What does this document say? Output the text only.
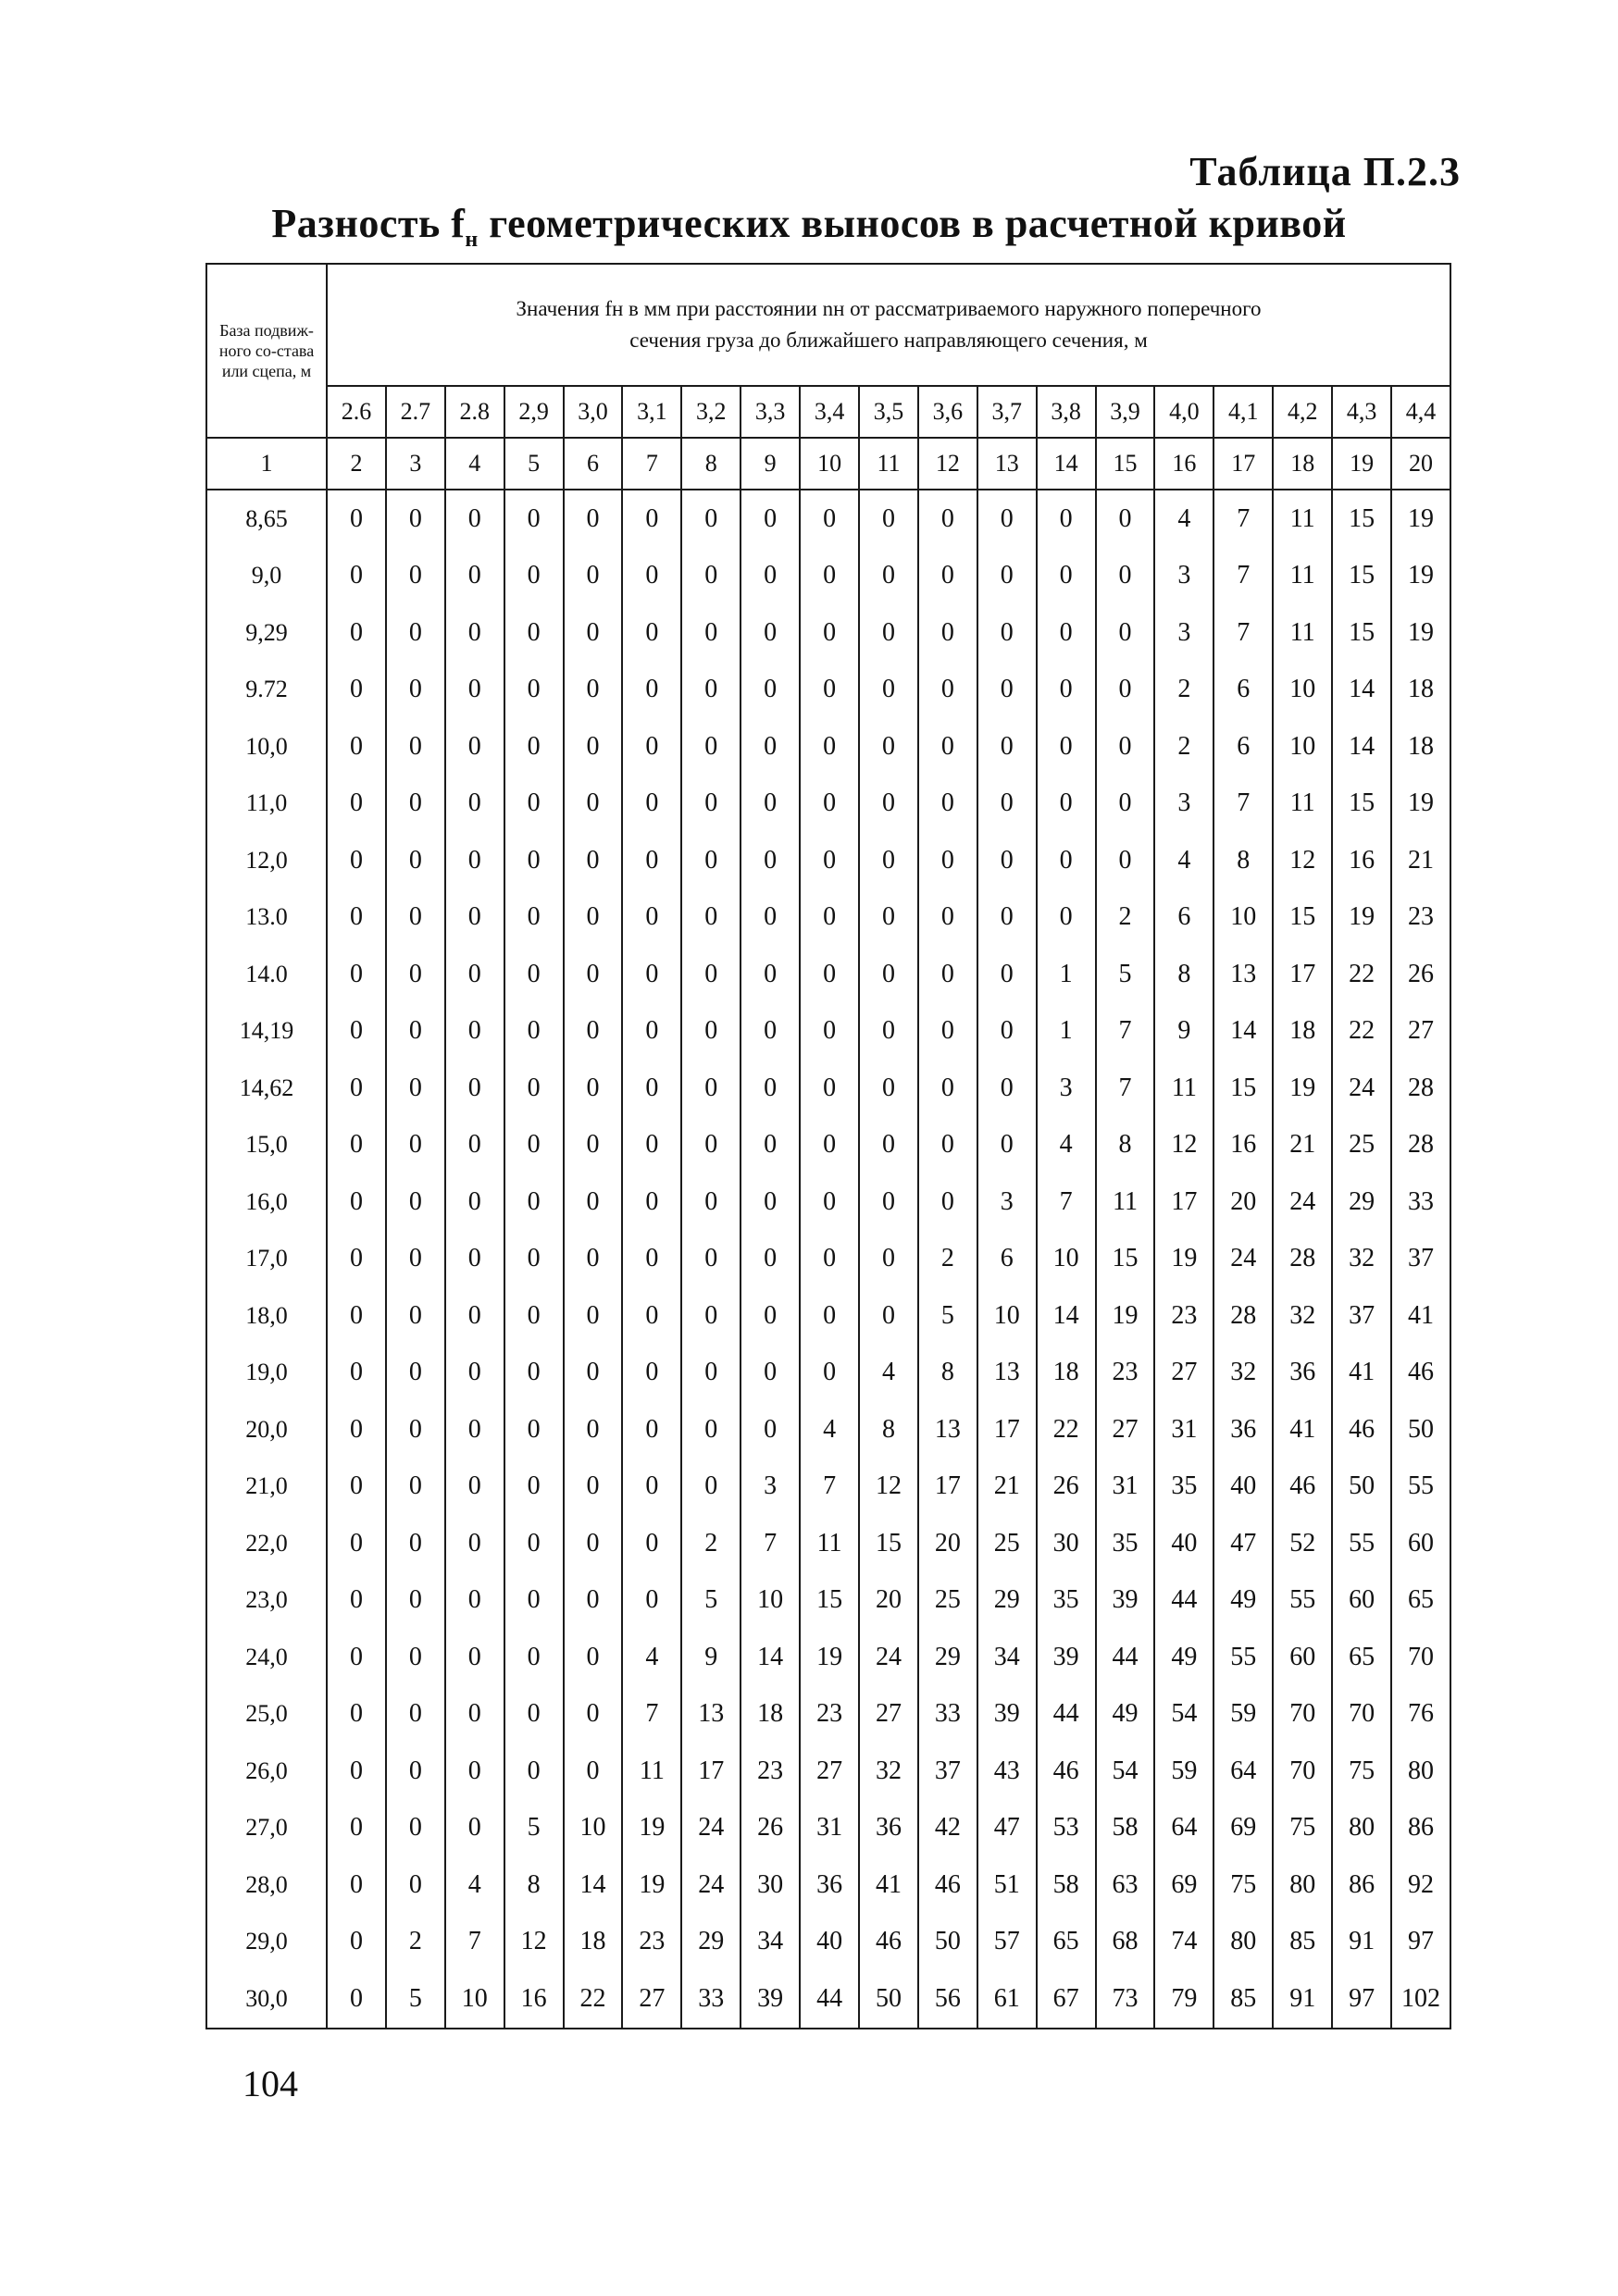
Таблица П.2.3
Разность $f_н$ геометрических выносов в расчетной кривой
База подвиж-ного со-става или сцепа, м	Значения fн в мм при расстоянии nн от рассматриваемого наружного поперечного
сечения груза до ближайшего направляющего сечения, м																		

	2.6	2.7	2.8	2,9	3,0	3,1	3,2	3,3	3,4	3,5	3,6	3,7	3,8	3,9	4,0	4,1	4,2	4,3	4,4
1	2	3	4	5	6	7	8	9	10	11	12	13	14	15	16	17	18	19	20
8,65	0	0	0	0	0	0	0	0	0	0	0	0	0	0	4	7	11	15	19
9,0	0	0	0	0	0	0	0	0	0	0	0	0	0	0	3	7	11	15	19
9,29	0	0	0	0	0	0	0	0	0	0	0	0	0	0	3	7	11	15	19
9.72	0	0	0	0	0	0	0	0	0	0	0	0	0	0	2	6	10	14	18
10,0	0	0	0	0	0	0	0	0	0	0	0	0	0	0	2	6	10	14	18
11,0	0	0	0	0	0	0	0	0	0	0	0	0	0	0	3	7	11	15	19
12,0	0	0	0	0	0	0	0	0	0	0	0	0	0	0	4	8	12	16	21
13.0	0	0	0	0	0	0	0	0	0	0	0	0	0	2	6	10	15	19	23
14.0	0	0	0	0	0	0	0	0	0	0	0	0	1	5	8	13	17	22	26
14,19	0	0	0	0	0	0	0	0	0	0	0	0	1	7	9	14	18	22	27
14,62	0	0	0	0	0	0	0	0	0	0	0	0	3	7	11	15	19	24	28
15,0	0	0	0	0	0	0	0	0	0	0	0	0	4	8	12	16	21	25	28
16,0	0	0	0	0	0	0	0	0	0	0	0	3	7	11	17	20	24	29	33
17,0	0	0	0	0	0	0	0	0	0	0	2	6	10	15	19	24	28	32	37
18,0	0	0	0	0	0	0	0	0	0	0	5	10	14	19	23	28	32	37	41
19,0	0	0	0	0	0	0	0	0	0	4	8	13	18	23	27	32	36	41	46
20,0	0	0	0	0	0	0	0	0	4	8	13	17	22	27	31	36	41	46	50
21,0	0	0	0	0	0	0	0	3	7	12	17	21	26	31	35	40	46	50	55
22,0	0	0	0	0	0	0	2	7	11	15	20	25	30	35	40	47	52	55	60
23,0	0	0	0	0	0	0	5	10	15	20	25	29	35	39	44	49	55	60	65
24,0	0	0	0	0	0	4	9	14	19	24	29	34	39	44	49	55	60	65	70
25,0	0	0	0	0	0	7	13	18	23	27	33	39	44	49	54	59	70	70	76
26,0	0	0	0	0	0	11	17	23	27	32	37	43	46	54	59	64	70	75	80
27,0	0	0	0	5	10	19	24	26	31	36	42	47	53	58	64	69	75	80	86
28,0	0	0	4	8	14	19	24	30	36	41	46	51	58	63	69	75	80	86	92
29,0	0	2	7	12	18	23	29	34	40	46	50	57	65	68	74	80	85	91	97
30,0	0	5	10	16	22	27	33	39	44	50	56	61	67	73	79	85	91	97	102
104
